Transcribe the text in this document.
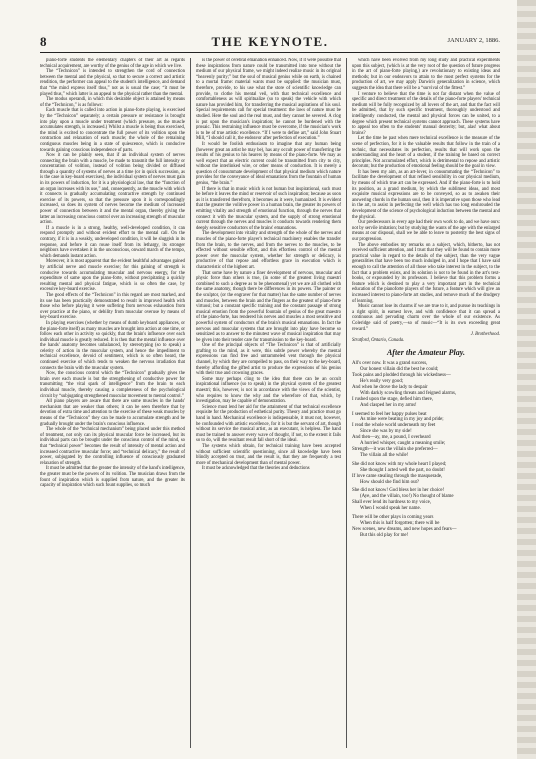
8	THE KEYNOTE.	JANUARY 2, 1886.

piano-forte students the elementary chapters of their art as regards technical acquirement, are worthy of the genius of the age in which we live.

The “Technicon” is intended to strengthen the cord of connection between the mental and the physical, so that to secure a correct and artistic rendition, the performer can appeal to the student's intelligence, and demand that “the mind express itself thus,” not as is usual the case; “it must be played thus,” which latter is an appeal to the physical rather than the mental.

The modus operandi, in which this desirable object is attained by means of the “Technicon,” is as follows:

Each muscle that is called into action in piano-forte playing, is exercised by the “Technicon” separately; a certain pressure or resistance is brought into play upon a muscle under treatment (which pressure, as the muscle accumulates strength, is increased.) Whilst a muscle is being thus exercised, the mind is excited to concentrate the full power of its volition upon the contraction and relaxation of each muscle; the whole of the remaining contiguous muscles being in a state of quiescence, which is conducive towards gaining conscious independence of parts.

Now it can be plainly seen, that if an individual system of nerves connecting the brain with a muscle, be made to transmit the full intensity or concentration of volition, instead of volition being divided or diffused through a quantity of systems of nerves at a time (or in quick succession, as is the case in key-board exercises), the individual system of nerves must gain in its powers of induction, for it is a physiological law, that the “function of an organ increases with its use,” and, consequently, as the muscle with which it connects is gradually accumulating contractive strength by continued exercise of its powers, so that the pressure upon it is correspondingly increased, so does its system of nerves become the medium of increased power of connection between it and the mental organ, thereby giving the latter an increasing conscious control over an increasing strength of muscular action.

If a muscle is in a strong, healthy, well-developed condition, it can respond promptly and without evident effort to the mental call. On the contrary, if it is in a weakly, undeveloped condition, it will be sluggish in its response, and before it can rouse itself from its lethargy, its stronger neighbors have overtaken it in the unconscious, onward march of the tempo, which demands instant action.

Moreover, it is most apparent that the evident healthful advantages gained by artificial nerve and muscle exercise; for this gaining of strength is conducive towards accumulating muscular and nervous energy, for the expenditure of same upon the piano-forte, without precipitating a quickly resulting mental and physical fatigue, which is so often the case, by excessive key-board exercise.

The good effects of the “Technicon” in this regard are most marked, and its use has been practically demonstrated to result in improved health with those who before playing it were suffering from nervous exhaustion from over practice at the piano, or debility from muscular overuse by means of key-board exercise.

In playing exercises (whether by means of dumb keyboard appliances, or the piano-forte itself) as many muscles are brought into action at one time, or follow each other in activity so quickly, that the brain's influence over each individual muscle is greatly reduced. It is then that the mental influence over the hands' anatomy becomes unbalanced, by stereotyping (so to speak) a celerity of action in the muscular system, and hence the impediment to technical excellence, devoid of sentiment, which is so often heard, the continued exercise of which tends to weaken the nervous irradiation that connects the brain with the muscular system.

Now, the conscious control which the “Technicon” gradually gives the brain over each muscle is but the strengthening of conductive power for transmitting “the vital spark of intelligence” from the brain to each individual muscle, thereby causing a completeness of the psychological circuit by “subjugating strengthened muscular movement to mental control.”

All piano players are aware that there are some muscles in the hands' mechanism that are weaker than others; it can be seen therefore that by devotion of extra time and attention to the exercise of these weak muscles by means of the “Technicon” they can be made to accumulate strength and be gradually brought under the brain's conscious influence.

The whole of the “technical mechanism” being placed under this method of treatment, not only can its physical muscular force be increased, but its individual parts can be brought under the conscious control of the mind, so that “technical power” becomes the result of intensity of mental action and increased contractive muscular force; and “technical delicacy,” the result of power, subjugated by the controlling influence of consciously graduated relaxation of strength.

It must be admitted that the greater the intensity of the hand's intelligence, the greater must be the powers of its volition. The musician draws from the fount of inspiration which is supplied from nature, and the greater its capacity of inspiration which such fount supplies, so much

is the power of cerebral emanation enhanced. Now, if it were possible that these inspirations from nature could be transmitted into tone without the medium of our physical frame, we might indeed realize music in its original “heavenly purity;” but the soul of musical genius while on earth, is chained to a mortal frame: material wants must be supplied: the musician must, therefore, provide, to his use what the store of scientific knowledge can provide, to clothe his mental veil, with that technical excellence and comfortableness as will spiritualize (so to speak) the vehicle with which nature has provided him, for transferring the musical aspirations of his soul. Special requirements call for special treatment: the laws of nature must be studied. Here the soul and the real must, and they cannot be severed. A clog is put upon the musician's inspiration; he cannot be burdened with the prosaic. This restraining influence must be overcome, if the musician's work is to be of true artistic excellence. “If I were to define art,” said John Stuart Mill, “I should call it, the endeavor after perfection of execution.”

It would be foolish enthusiasm to imagine that any human being (however great an artist he may be), has any occult power of transferring the results of his genius to his hearers by means of the piano-forte. We may as well expect that an electric current could be transmitted from city to city, without the interlinked wire, or other means of conduction. It is merely a question of consummate development of that physical medium which nature provides for the conveyance of ideal emanations from the fountain of human genius, “the brain.”

If there is that in music which is not human but inspirational, such must be before it leaves the mind or reservoir of such inspiration; because as soon as it is transferred therefrom, it becomes as it were, humanized. It is evident that the greater the volitive power in a human brain, the greater its powers of emitting vitality and strength of emotional function, through the nerves that connect it with the muscular system, and the supply of strong emotional current through the nerves and muscles it conducts towards rendering them deeply sensitive conductors of the brains' emanations.

The development into vitality and strength of the whole of the nerves and muscles of the piano-forte player's technical machinery enables the transfer from the brain, to the nerves, and from the nerves to the muscles, to be effected without sensible effort, and this effortless control of the mental power over the muscular system, whether for strength or delicacy, is productive of that repose and effortless grace in execution which is characteristic of the highest art.

That some have by nature a finer development of nervous, muscular and physic force than others is true, (in some of the greatest living maestri combined to such a degree as to be phenomenal) yet we are all clothed with the same anatomy, though there be differences in its powers. The painter or the sculptor, (or the engraver for that matter) has the same number of nerves and muscles, between the brain and the fingers as the greatest of piano-forte virtuosi; but a constant specific training and the constant passage of strong musical emotion from the powerful fountain of genius of the great maestro of the piano-forte, has rendered his nerves and muscles a most sensitive and powerful system of conductors of the brain's musical emanations. In fact the nervous and muscular systems that are brought into play have become so sensitized as to answer to the minutest wave of musical inspiration that may be given into their tender care for transmission to the key-board.

One of the principal objects of “The Technicon” is that of artificially grafting to the mind, as it were, this subtle power whereby the mental expressions can find free and untrammeled vent through the physical channel, by which they are compelled to pass, on their way to the key-board, thereby affording the gifted artist to produce the expressions of his genius with their true and crowning graces.

Some may perhaps cling to the idea that there can be an occult inspirational influence (so to speak) in the physical system of the greatest maestri; this, however, is not in accordance with the views of the scientist, who requires to know the why and the wherefore of that, which, by investigation, may be capable of demonstration.

Science must lend her aid for the attainment of that technical excellence requisite for the production of esthetical purity. Theory and practice must go hand in hand. Mechanical excellence is indispensable, it must not, however, be confounded with artistic excellence, for it is but the servant of art, though without its service the musical artist, as an executant, is helpless. The hand must be trained to answer every wave of thought, if not, to the extent it fails so to do, will the resultant result fall short of the ideal.

The systems which obtain, for technical training have been accepted without sufficient scientific questioning, since all knowledge have been blindly accepted on trust, and the result is, that they are frequently a test more of mechanical development than of mental power.

It must be acknowledged that the theories and deductions

which have been evolved from my long study and practical experiments upon this subject, (which is at the very root of the question of future progress in the art of piano-forte playing,) are revolutionary to existing ideas and methods; but in our endeavors to attain to the most perfect systems for the production of art, we may apply Darwin's generalization in science, which suggests the idea that there will be a “survival of the fittest.”

I venture to believe that the time is not far distant when the value of specific and direct treatment of the details of the piano-forte players' technical medium will be fully recognized by all lovers of the art, and that the fact will be admitted, that by such specific treatment, thoroughly understood and intelligently conducted, the mental and physical forces can be united, to a degree which present technical systems cannot approach. These systems have to appeal too often to the students' manual dexterity; but, alas! what about brains?

Let the time be past when mere technical excellence is the measure of the scene of perfection, for it is the valuable results that follow in the train of a technic, that necessitates its perfection, results that will work upon the understanding and the heart of a student, if the training be based on correct principles. Not accumulated effort, which is detrimental to repose and artistic decorum; but the production of emotional feeling should be the goal in view.

It has been my aim, as an art-lover, in consummating the “Technicon” to facilitate the development of that refined sensibility in our physical medium, by means of which true art can be expressed. And if the piano-forte is to hold its position, as a grand medium, by which the sublimest ideas, and most exquisite musical expressions are to be conveyed, so as to awaken their answering chords in the human soul, then it is imperative upon those who lead in the art, to assist in perfecting the well which has too long enshrouded the development of the science of psychological induction between the mental and the physical.

Our predecessors in every age had their own work to do, and we have ours: not by servile imitation; but by studying the wants of the age with the enlarged means at our disposal, shall we be able to leave to posterity the best signs of our progression.

The above embodies my remarks on a subject, which, hitherto, has not received sufficient attention, and I trust that they will be found to contain more practical value in regard to the details of the subject, than the very vague generalities that have been too much indulged in, and I hope that I have said enough to call the attention of all those who take interest in the subject, to the fact that a problem exists, and its solution is not to be found in the art's text-books, or expounded by its professors. I believe that this problem forms a feature which is destined to play a very important part in the technical education of the pianoforte players of the future, a feature which will give an increased interest to piano-forte art studies, and remove much of the drudgery of learning.

Music cannot lose its charms if we are true to it, and pursue its teachings in a right spirit, in earnest love, and with confidence that it can spread a continuous and pervading charm over the whole of our existence. As Coleridge said of poetry,—so of music—“It is its own exceeding great reward.”

J. Brotherhood.

Stratford, Ontario, Canada.

After the Amateur Play.
All's over now. It was a grand success,
Our honest villain did the best he could;
Took pains and plodded through his wickedness—
He's really very good;
And when he drove the lady to despair
With darkly scowling threats and feigned alarms,
I rushed upon the stage, defied him there,
And clasped her in my arms!
I seemed to feel her happy pulses beat
As mine were beating in my joy and pride;
I read the whole world underneath my feet
Since she was by my side!
And then—ay, me, a pound, I overheard
A hurried whisper, caught a meaning smile;
Strength—it was the villain she preferred—
The villain all the while!
She did not know with my whole heart I played;
She thought I acted well the part, no doubt!
If love came stealing through the masquerade,
How should she find him out?
She did not know! God bless her in her choice!
(Aye, and the villain, too!) No thought of blame
Shall ever lend its hardness to my voice,
When I would speak her name.
There will be other plays in coming years
When this is half forgotten; there will be
New scenes, new dreams, and new hopes and fears—
But this old play for me!
